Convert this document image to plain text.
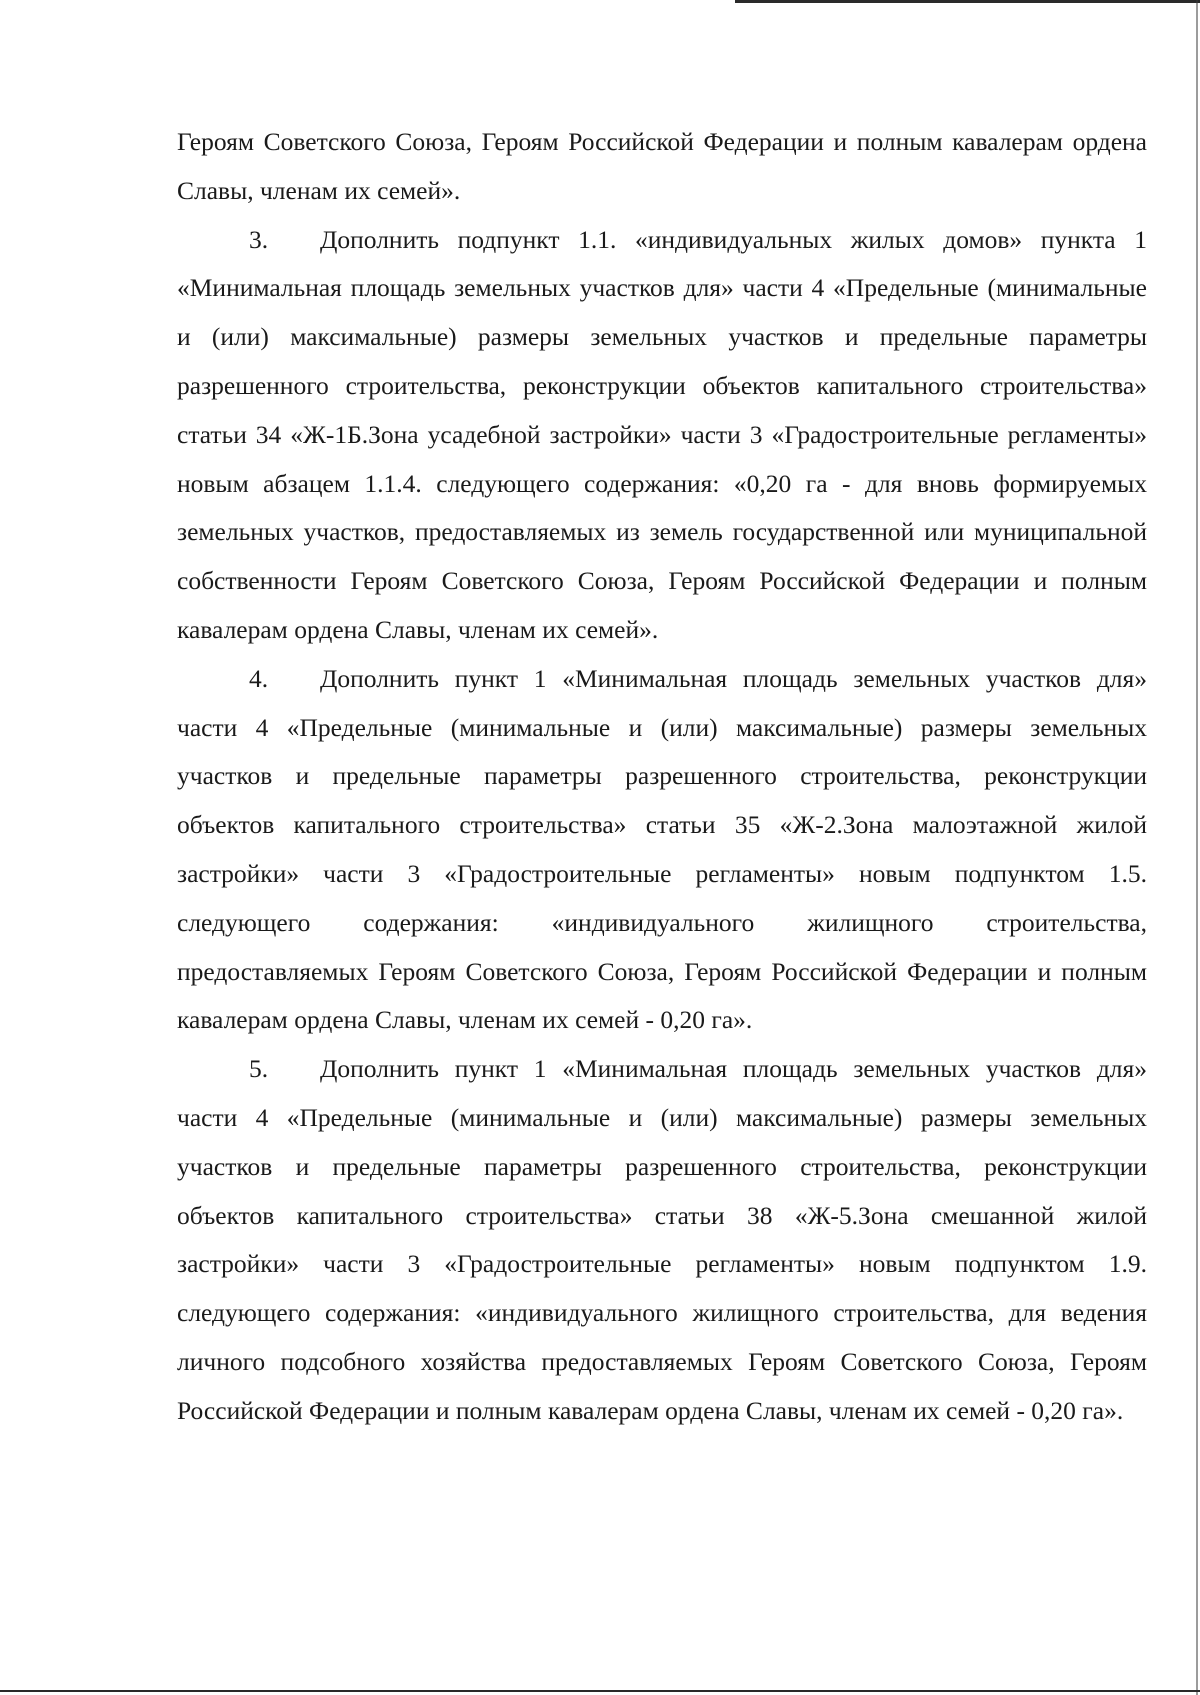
Героям Советского Союза, Героям Российской Федерации и полным кавалерам ордена Славы, членам их семей».

3. Дополнить подпункт 1.1. «индивидуальных жилых домов» пункта 1 «Минимальная площадь земельных участков для» части 4 «Предельные (минимальные и (или) максимальные) размеры земельных участков и предельные параметры разрешенного строительства, реконструкции объектов капитального строительства» статьи 34 «Ж-1Б.Зона усадебной застройки» части 3 «Градостроительные регламенты» новым абзацем 1.1.4. следующего содержания: «0,20 га - для вновь формируемых земельных участков, предоставляемых из земель государственной или муниципальной собственности Героям Советского Союза, Героям Российской Федерации и полным кавалерам ордена Славы, членам их семей».

4. Дополнить пункт 1 «Минимальная площадь земельных участков для» части 4 «Предельные (минимальные и (или) максимальные) размеры земельных участков и предельные параметры разрешенного строительства, реконструкции объектов капитального строительства» статьи 35 «Ж-2.Зона малоэтажной жилой застройки» части 3 «Градостроительные регламенты» новым подпунктом 1.5. следующего содержания: «индивидуального жилищного строительства, предоставляемых Героям Советского Союза, Героям Российской Федерации и полным кавалерам ордена Славы, членам их семей - 0,20 га».

5. Дополнить пункт 1 «Минимальная площадь земельных участков для» части 4 «Предельные (минимальные и (или) максимальные) размеры земельных участков и предельные параметры разрешенного строительства, реконструкции объектов капитального строительства» статьи 38 «Ж-5.Зона смешанной жилой застройки» части 3 «Градостроительные регламенты» новым подпунктом 1.9. следующего содержания: «индивидуального жилищного строительства, для ведения личного подсобного хозяйства предоставляемых Героям Советского Союза, Героям Российской Федерации и полным кавалерам ордена Славы, членам их семей - 0,20 га».
